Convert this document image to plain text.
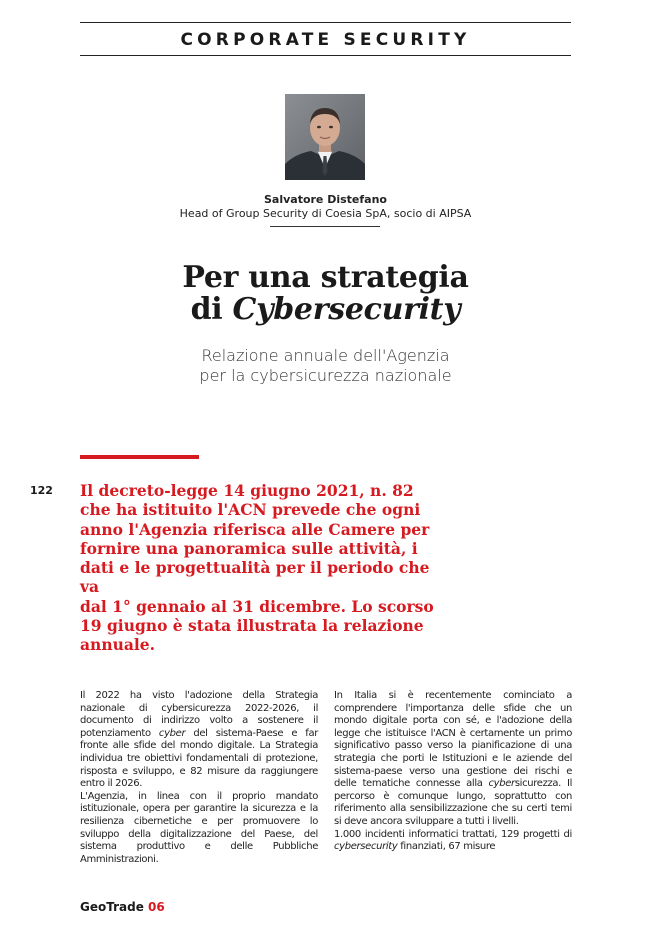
CORPORATE SECURITY
Salvatore Distefano
Head of Group Security di Coesia SpA, socio di AIPSA
Per una strategia
di Cybersecurity
Relazione annuale dell'Agenzia
per la cybersicurezza nazionale
122 Il decreto-legge 14 giugno 2021, n. 82
che ha istituito l'ACN prevede che ogni
anno l'Agenzia riferisca alle Camere per
fornire una panoramica sulle attività, i
dati e le progettualità per il periodo che va
dal 1° gennaio al 31 dicembre. Lo scorso
19 giugno è stata illustrata la relazione
annuale.

Il 2022 ha visto l'adozione della Strategia nazionale di cybersicurezza 2022-2026, il documento di indirizzo volto a sostenere il potenziamento cyber del sistema-Paese e far fronte alle sfide del mondo digitale. La Strategia individua tre obiettivi fondamentali di protezione, risposta e sviluppo, e 82 misure da raggiungere entro il 2026.

L'Agenzia, in linea con il proprio mandato istituzionale, opera per garantire la sicurezza e la resilienza cibernetiche e per promuovere lo sviluppo della digitalizzazione del Paese, del sistema produttivo e delle Pubbliche Amministrazioni.

In Italia si è recentemente cominciato a comprendere l'importanza delle sfide che un mondo digitale porta con sé, e l'adozione della legge che istituisce l'ACN è certamente un primo significativo passo verso la pianificazione di una strategia che porti le Istituzioni e le aziende del sistema-paese verso una gestione dei rischi e delle tematiche connesse alla cybersicurezza. Il percorso è comunque lungo, soprattutto con riferimento alla sensibilizzazione che su certi temi si deve ancora sviluppare a tutti i livelli.

1.000 incidenti informatici trattati, 129 progetti di cybersecurity finanziati, 67 misure

GeoTrade 06
